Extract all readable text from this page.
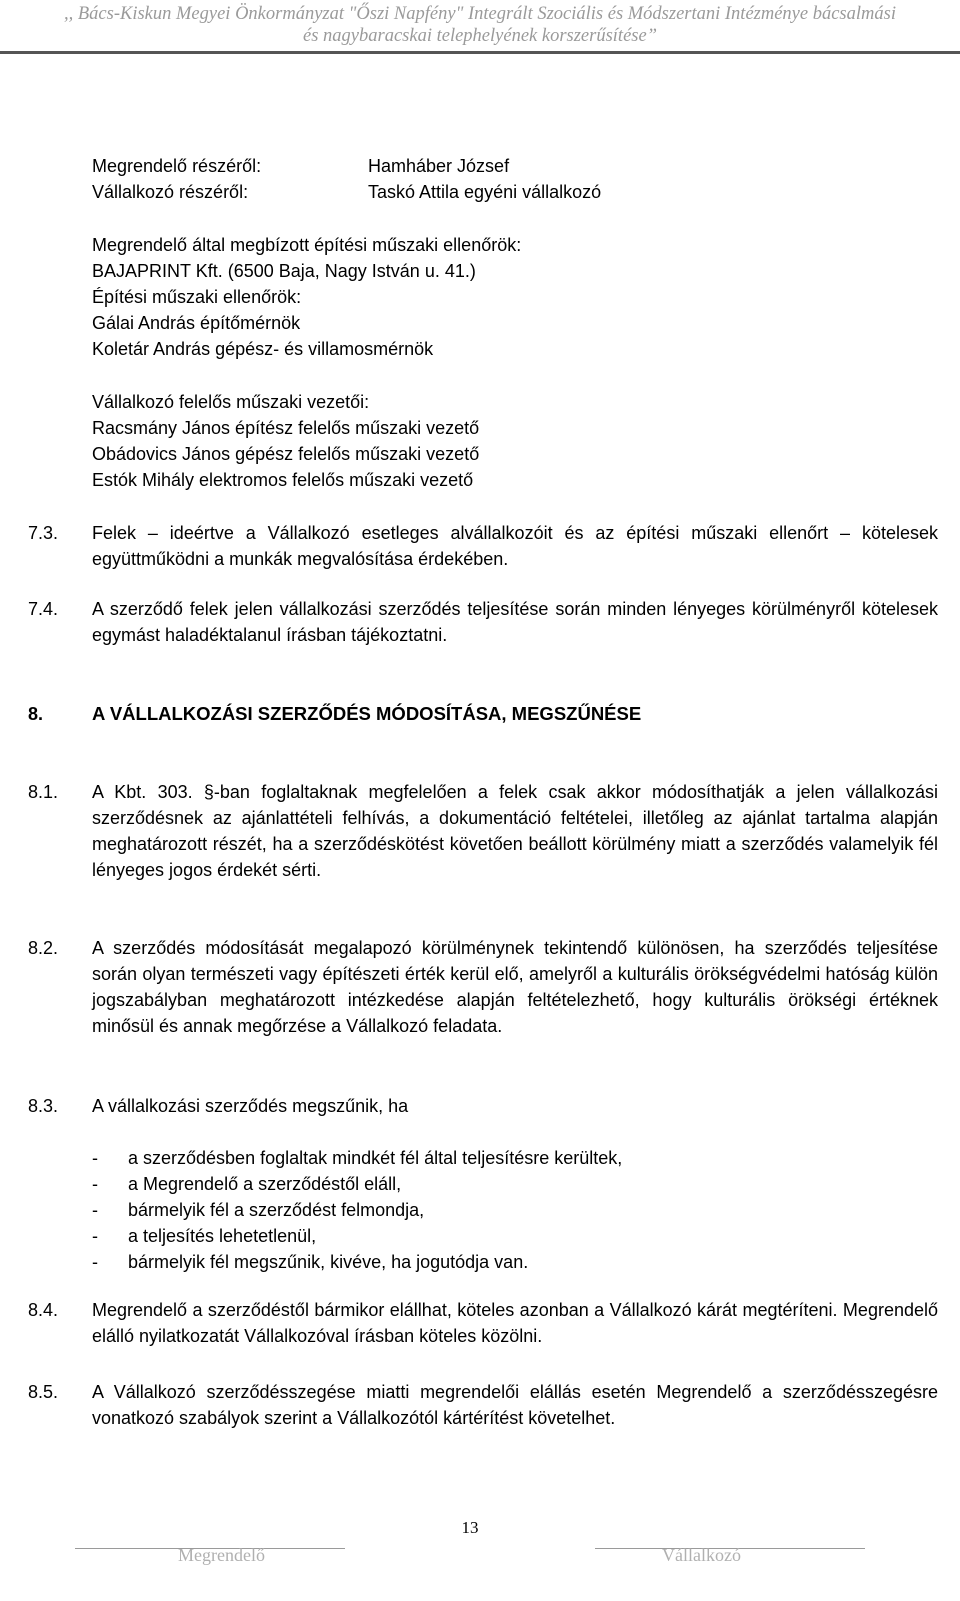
,, Bács-Kiskun Megyei Önkormányzat "Őszi Napfény" Integrált Szociális és Módszertani Intézménye bácsalmási
és nagybaracskai telephelyének korszerűsítése”
Megrendelő részéről:	Hamháber József
Vállalkozó részéről:	Taskó Attila egyéni vállalkozó
Megrendelő által megbízott építési műszaki ellenőrök:
BAJAPRINT Kft. (6500 Baja, Nagy István u. 41.)
Építési műszaki ellenőrök:
Gálai András építőmérnök
Koletár András gépész- és villamosmérnök
Vállalkozó felelős műszaki vezetői:
Racsmány János építész felelős műszaki vezető
Obádovics János gépész felelős műszaki vezető
Estók Mihály elektromos felelős műszaki vezető
7.3. Felek – ideértve a Vállalkozó esetleges alvállalkozóit és az építési műszaki ellenőrt – kötelesek együttműködni a munkák megvalósítása érdekében.
7.4. A szerződő felek jelen vállalkozási szerződés teljesítése során minden lényeges körülményről kötelesek egymást haladéktalanul írásban tájékoztatni.
8.	A VÁLLALKOZÁSI SZERZŐDÉS MÓDOSÍTÁSA, MEGSZŰNÉSE
8.1. A Kbt. 303. §-ban foglaltaknak megfelelően a felek csak akkor módosíthatják a jelen vállalkozási szerződésnek az ajánlattételi felhívás, a dokumentáció feltételei, illetőleg az ajánlat tartalma alapján meghatározott részét, ha a szerződéskötést követően beállott körülmény miatt a szerződés valamelyik fél lényeges jogos érdekét sérti.
8.2. A szerződés módosítását megalapozó körülménynek tekintendő különösen, ha szerződés teljesítése során olyan természeti vagy építészeti érték kerül elő, amelyről a kulturális örökségvédelmi hatóság külön jogszabályban meghatározott intézkedése alapján feltételezhető, hogy kulturális örökségi értéknek minősül és annak megőrzése a Vállalkozó feladata.
8.3. A vállalkozási szerződés megszűnik, ha
- a szerződésben foglaltak mindkét fél által teljesítésre kerültek,
- a Megrendelő a szerződéstől eláll,
- bármelyik fél a szerződést felmondja,
- a teljesítés lehetetlenül,
- bármelyik fél megszűnik, kivéve, ha jogutódja van.
8.4. Megrendelő a szerződéstől bármikor elállhat, köteles azonban a Vállalkozó kárát megtéríteni. Megrendelő elálló nyilatkozatát Vállalkozóval írásban köteles közölni.
8.5. A Vállalkozó szerződésszegése miatti megrendelői elállás esetén Megrendelő a szerződésszegésre vonatkozó szabályok szerint a Vállalkozótól kártérítést követelhet.
13
Megrendelő	Vállalkozó
